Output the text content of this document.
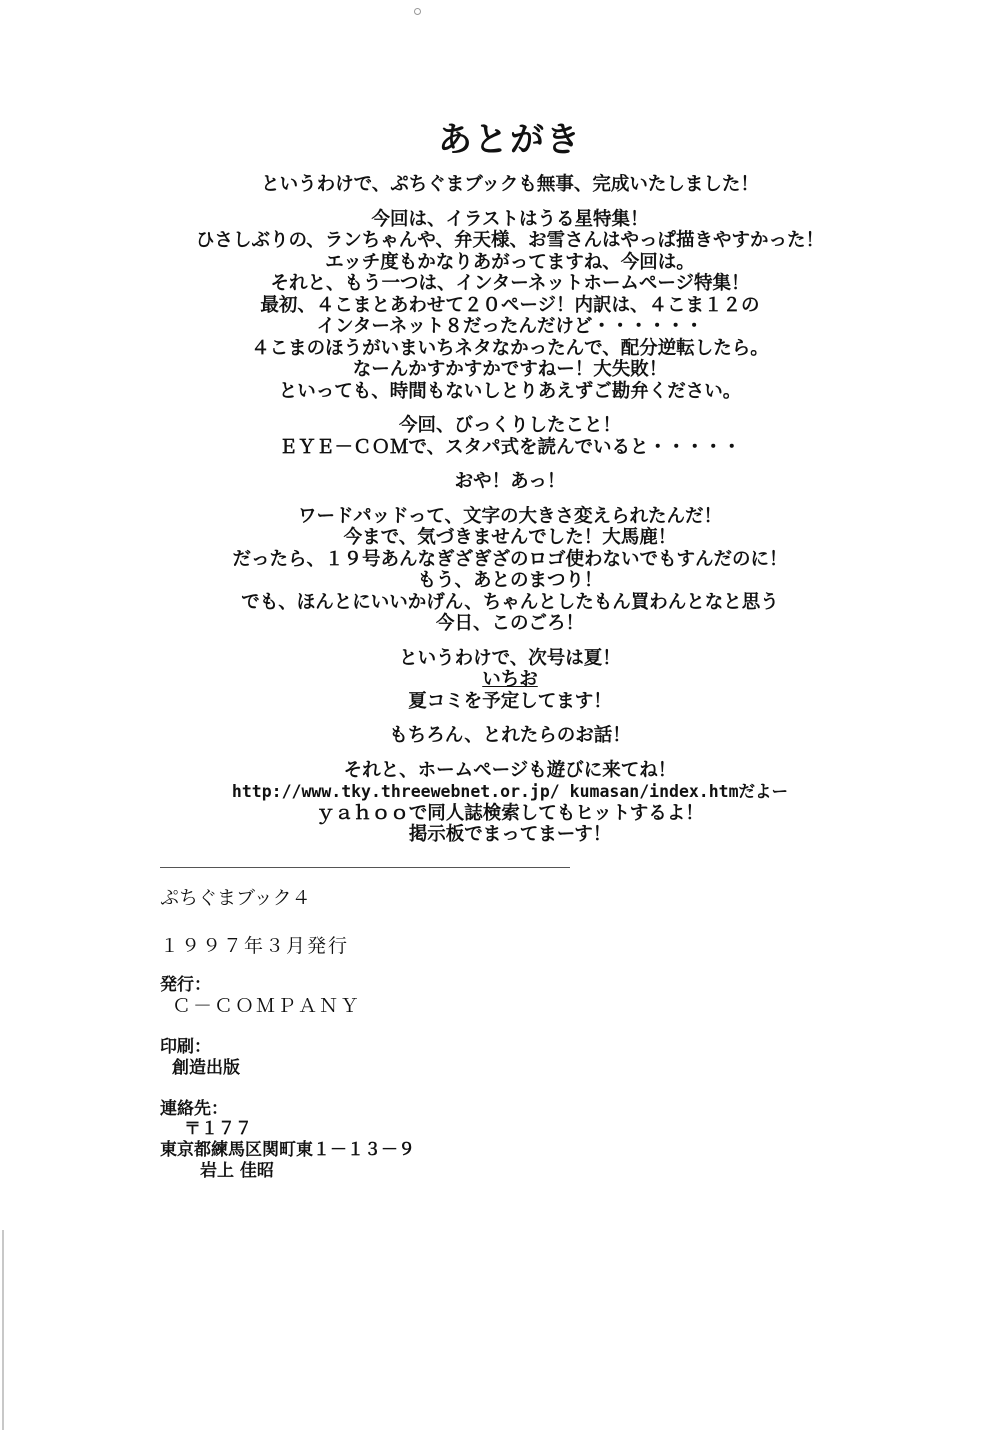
あとがき
というわけで、ぷちぐまブックも無事、完成いたしました！
今回は、イラストはうる星特集！
ひさしぶりの、ランちゃんや、弁天様、お雪さんはやっぱ描きやすかった！
エッチ度もかなりあがってますね、今回は。
それと、もう一つは、インターネットホームページ特集！
最初、４こまとあわせて２０ページ！内訳は、４こま１２の
インターネット８だったんだけど・・・・・・
４こまのほうがいまいちネタなかったんで、配分逆転したら。
なーんかすかすかですねー！大失敗！
といっても、時間もないしとりあえずご勘弁ください。
今回、びっくりしたこと！
ＥＹＥ－ＣＯＭで、スタパ式を読んでいると・・・・・
おや！あっ！
ワードパッドって、文字の大きさ変えられたんだ！
今まで、気づきませんでした！大馬鹿！
だったら、１９号あんなぎざぎざのロゴ使わないでもすんだのに！
もう、あとのまつり！
でも、ほんとにいいかげん、ちゃんとしたもん買わんとなと思う
今日、このごろ！
というわけで、次号は夏！
いちお
夏コミを予定してます！
もちろん、とれたらのお話！
それと、ホームページも遊びに来てね！
http://www.tky.threewebnet.or.jp/ kumasan/index.htmだよー
ｙａｈｏｏで同人誌検索してもヒットするよ！
掲示板でまってまーす！
ぷちぐまブック４
１９９７年３月発行
発行：
Ｃ－ＣＯＭＰＡＮＹ
印刷：
創造出版
連絡先：
〒１７７
東京都練馬区関町東１－１３－９
岩上 佳昭
